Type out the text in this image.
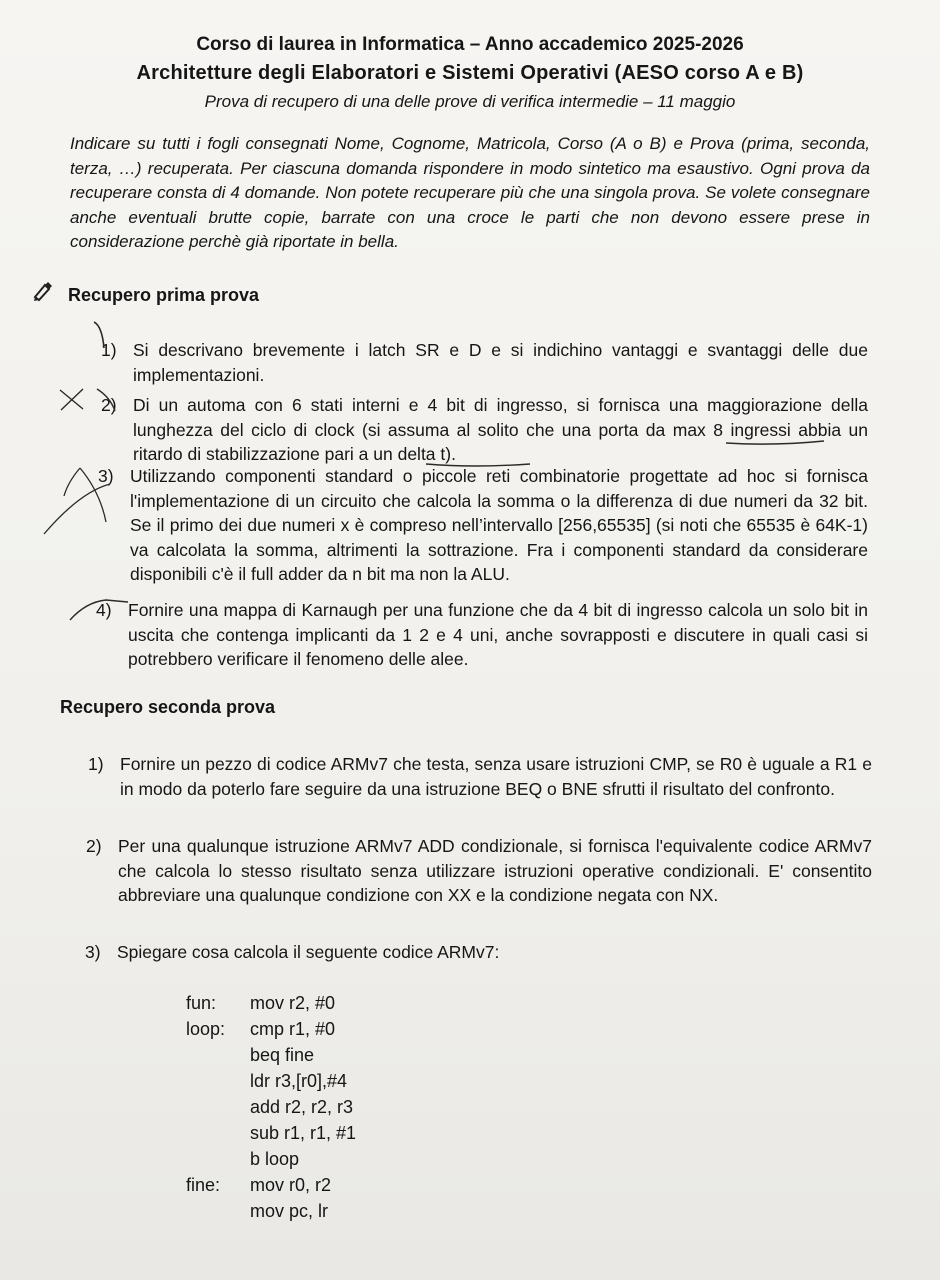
Corso di laurea in Informatica – Anno accademico 2025-2026
Architetture degli Elaboratori e Sistemi Operativi (AESO corso A e B)
Prova di recupero di una delle prove di verifica intermedie – 11 maggio
Indicare su tutti i fogli consegnati Nome, Cognome, Matricola, Corso (A o B) e Prova (prima, seconda, terza, …) recuperata. Per ciascuna domanda rispondere in modo sintetico ma esaustivo. Ogni prova da recuperare consta di 4 domande. Non potete recuperare più che una singola prova. Se volete consegnare anche eventuali brutte copie, barrate con una croce le parti che non devono essere prese in considerazione perchè già riportate in bella.
Recupero prima prova
1) Si descrivano brevemente i latch SR e D e si indichino vantaggi e svantaggi delle due implementazioni.
2) Di un automa con 6 stati interni e 4 bit di ingresso, si fornisca una maggiorazione della lunghezza del ciclo di clock (si assuma al solito che una porta da max 8 ingressi abbia un ritardo di stabilizzazione pari a un delta t).
3) Utilizzando componenti standard o piccole reti combinatorie progettate ad hoc si fornisca l'implementazione di un circuito che calcola la somma o la differenza di due numeri da 32 bit. Se il primo dei due numeri x è compreso nell’intervallo [256,65535] (si noti che 65535 è 64K-1) va calcolata la somma, altrimenti la sottrazione. Fra i componenti standard da considerare disponibili c'è il full adder da n bit ma non la ALU.
4) Fornire una mappa di Karnaugh per una funzione che da 4 bit di ingresso calcola un solo bit in uscita che contenga implicanti da 1 2 e 4 uni, anche sovrapposti e discutere in quali casi si potrebbero verificare il fenomeno delle alee.
Recupero seconda prova
1) Fornire un pezzo di codice ARMv7 che testa, senza usare istruzioni CMP, se R0 è uguale a R1 e in modo da poterlo fare seguire da una istruzione BEQ o BNE sfrutti il risultato del confronto.
2) Per una qualunque istruzione ARMv7 ADD condizionale, si fornisca l'equivalente codice ARMv7 che calcola lo stesso risultato senza utilizzare istruzioni operative condizionali. E' consentito abbreviare una qualunque condizione con XX e la condizione negata con NX.
3) Spiegare cosa calcola il seguente codice ARMv7:
fun:	mov r2, #0
loop:	cmp r1, #0
beq fine
ldr r3,[r0],#4
add r2, r2, r3
sub r1, r1, #1
b loop
fine:	mov r0, r2
mov pc, lr
